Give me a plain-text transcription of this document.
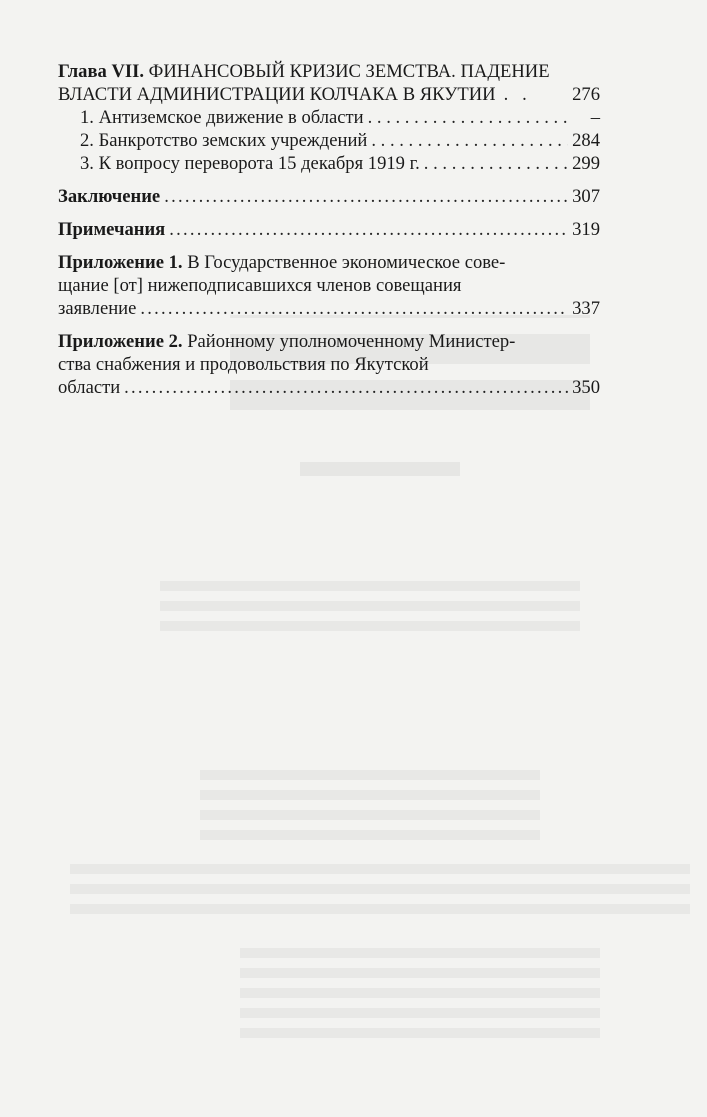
Глава VII. ФИНАНСОВЫЙ КРИЗИС ЗЕМСТВА. ПАДЕНИЕ
ВЛАСТИ АДМИНИСТРАЦИИ КОЛЧАКА В ЯКУТИИ . . 276
1. Антиземское движение в области . . .	–
2. Банкротство земских учреждений . . .	284
3. К вопросу переворота 15 декабря 1919 г. . . .	299
Заключение .....	307
Примечания .....	319
Приложение 1. В Государственное экономическое сове-
щание [от] нижеподписавшихся членов совещания
заявление .....	337
Приложение 2. Районному уполномоченному Министер-
ства снабжения и продовольствия по Якутской
области .....	350
